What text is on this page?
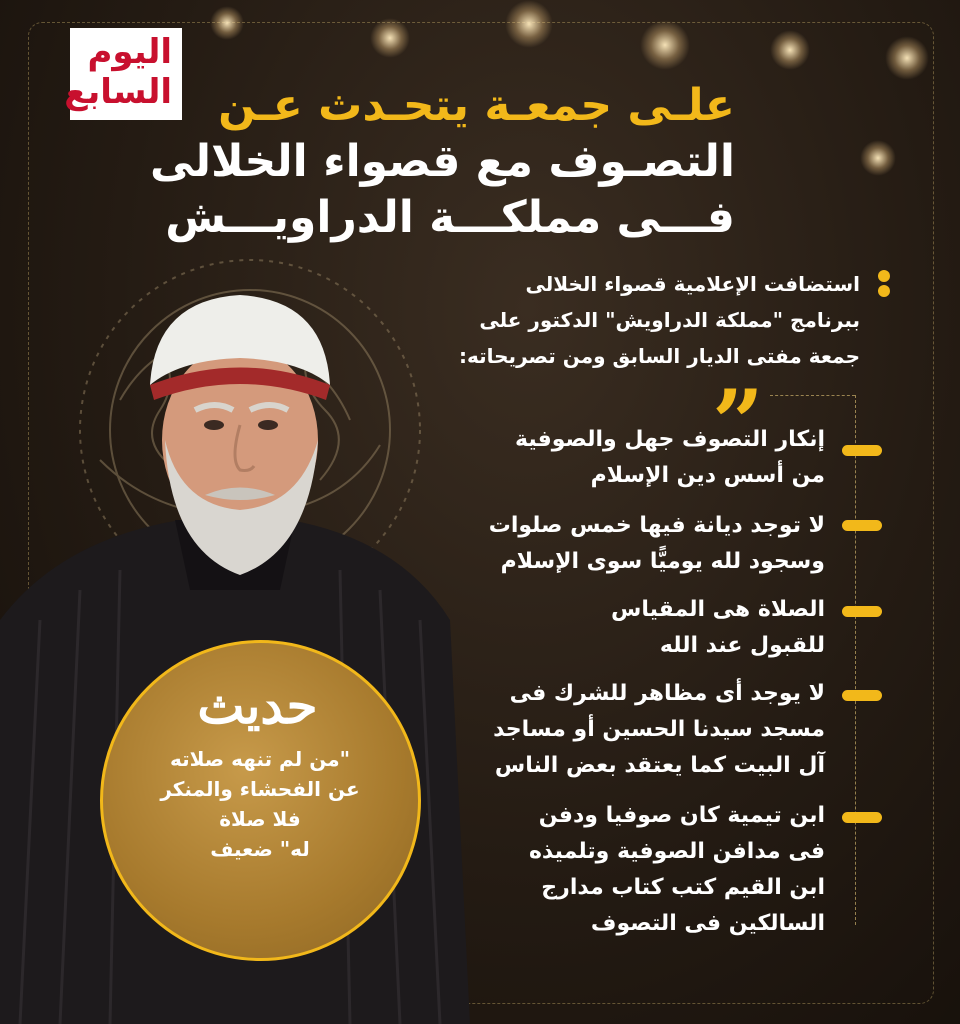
اليوم
السابع علـى جمعـة يتحـدث عـن
التصـوف مع قصواء الخلالى
فـــى مملكـــة الدراويـــش
استضافت الإعلامية قصواء الخلالى
ببرنامج "مملكة الدراويش" الدكتور على
جمعة مفتى الديار السابق ومن تصريحاته:
”
إنكار التصوف جهل والصوفية
من أسس دين الإسلام
لا توجد ديانة فيها خمس صلوات
وسجود لله يوميًّا سوى الإسلام
الصلاة هى المقياس
للقبول عند الله
لا يوجد أى مظاهر للشرك فى
مسجد سيدنا الحسين أو مساجد
آل البيت كما يعتقد بعض الناس
ابن تيمية كان صوفيا ودفن
فى مدافن الصوفية وتلميذه
ابن القيم كتب كتاب مدارج
السالكين فى التصوف
حديث
"من لم تنهه صلاته
عن الفحشاء والمنكر
فلا صلاة
له" ضعيف
